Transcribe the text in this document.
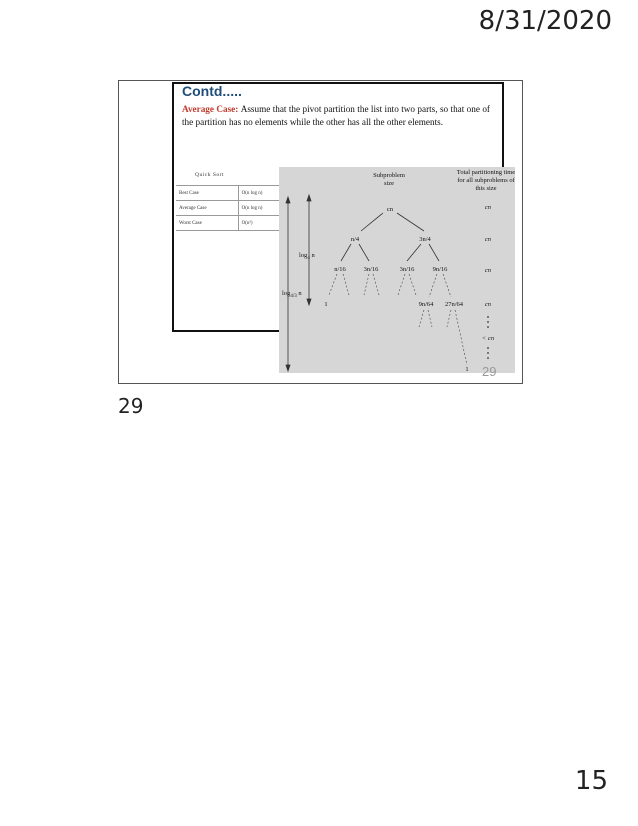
8/31/2020
Contd.....
Average Case: Assume that the pivot partition the list into two parts, so that one of the partition has no elements while the other has all the other elements.

Best Case	O(n log n)
Average Case	O(n log n)
Worst Case	O(n²)
Quick Sort	Subproblem
size
Total partitioning time
for all subproblems of
this size
$\log_4 n$
$\log_{4/3} n$
cn
n/4	3n/4
n/16	3n/16	3n/16	9n/16
1	9n/64 27n/64
1
cn
cn
cn
cn
< cn
29
29
15
